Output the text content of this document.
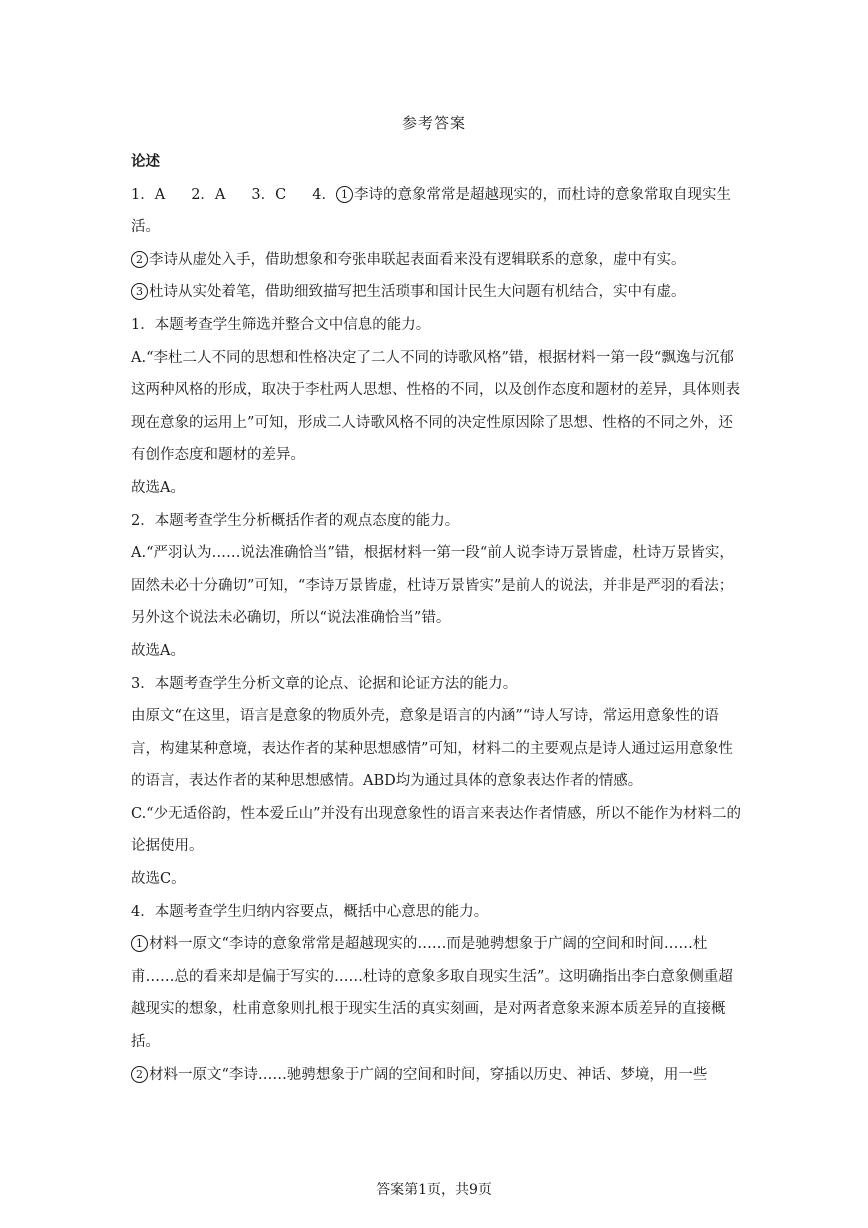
参考答案

论述

1．A 2．A 3．C 4． 1 李诗的意象常常是超越现实的，而杜诗的意象常取自现实生活。

2 李诗从虚处入手，借助想象和夸张串联起表面看来没有逻辑联系的意象，虚中有实。

3 杜诗从实处着笔，借助细致描写把生活琐事和国计民生大问题有机结合，实中有虚。

1．本题考查学生筛选并整合文中信息的能力。

A.“李杜二人不同的思想和性格决定了二人不同的诗歌风格”错，根据材料一第一段“飘逸与沉郁这两种风格的形成，取决于李杜两人思想、性格的不同，以及创作态度和题材的差异，具体则表现在意象的运用上”可知，形成二人诗歌风格不同的决定性原因除了思想、性格的不同之外，还有创作态度和题材的差异。

故选A。

2．本题考查学生分析概括作者的观点态度的能力。

A.“严羽认为……说法准确恰当”错，根据材料一第一段“前人说李诗万景皆虚，杜诗万景皆实，固然未必十分确切”可知，“李诗万景皆虚，杜诗万景皆实”是前人的说法，并非是严羽的看法；另外这个说法未必确切，所以“说法准确恰当”错。

故选A。

3．本题考查学生分析文章的论点、论据和论证方法的能力。

由原文“在这里，语言是意象的物质外壳，意象是语言的内涵”“诗人写诗，常运用意象性的语言，构建某种意境，表达作者的某种思想感情”可知，材料二的主要观点是诗人通过运用意象性的语言，表达作者的某种思想感情。ABD均为通过具体的意象表达作者的情感。

C.“少无适俗韵，性本爱丘山”并没有出现意象性的语言来表达作者情感，所以不能作为材料二的论据使用。

故选C。

4．本题考查学生归纳内容要点，概括中心意思的能力。

1 材料一原文“李诗的意象常常是超越现实的……而是驰骋想象于广阔的空间和时间……杜甫……总的看来却是偏于写实的……杜诗的意象多取自现实生活”。这明确指出李白意象侧重超越现实的想象，杜甫意象则扎根于现实生活的真实刻画，是对两者意象来源本质差异的直接概括。

2 材料一原文“李诗……驰骋想象于广阔的空间和时间，穿插以历史、神话、梦境，用一些

答案第1页，共9页
